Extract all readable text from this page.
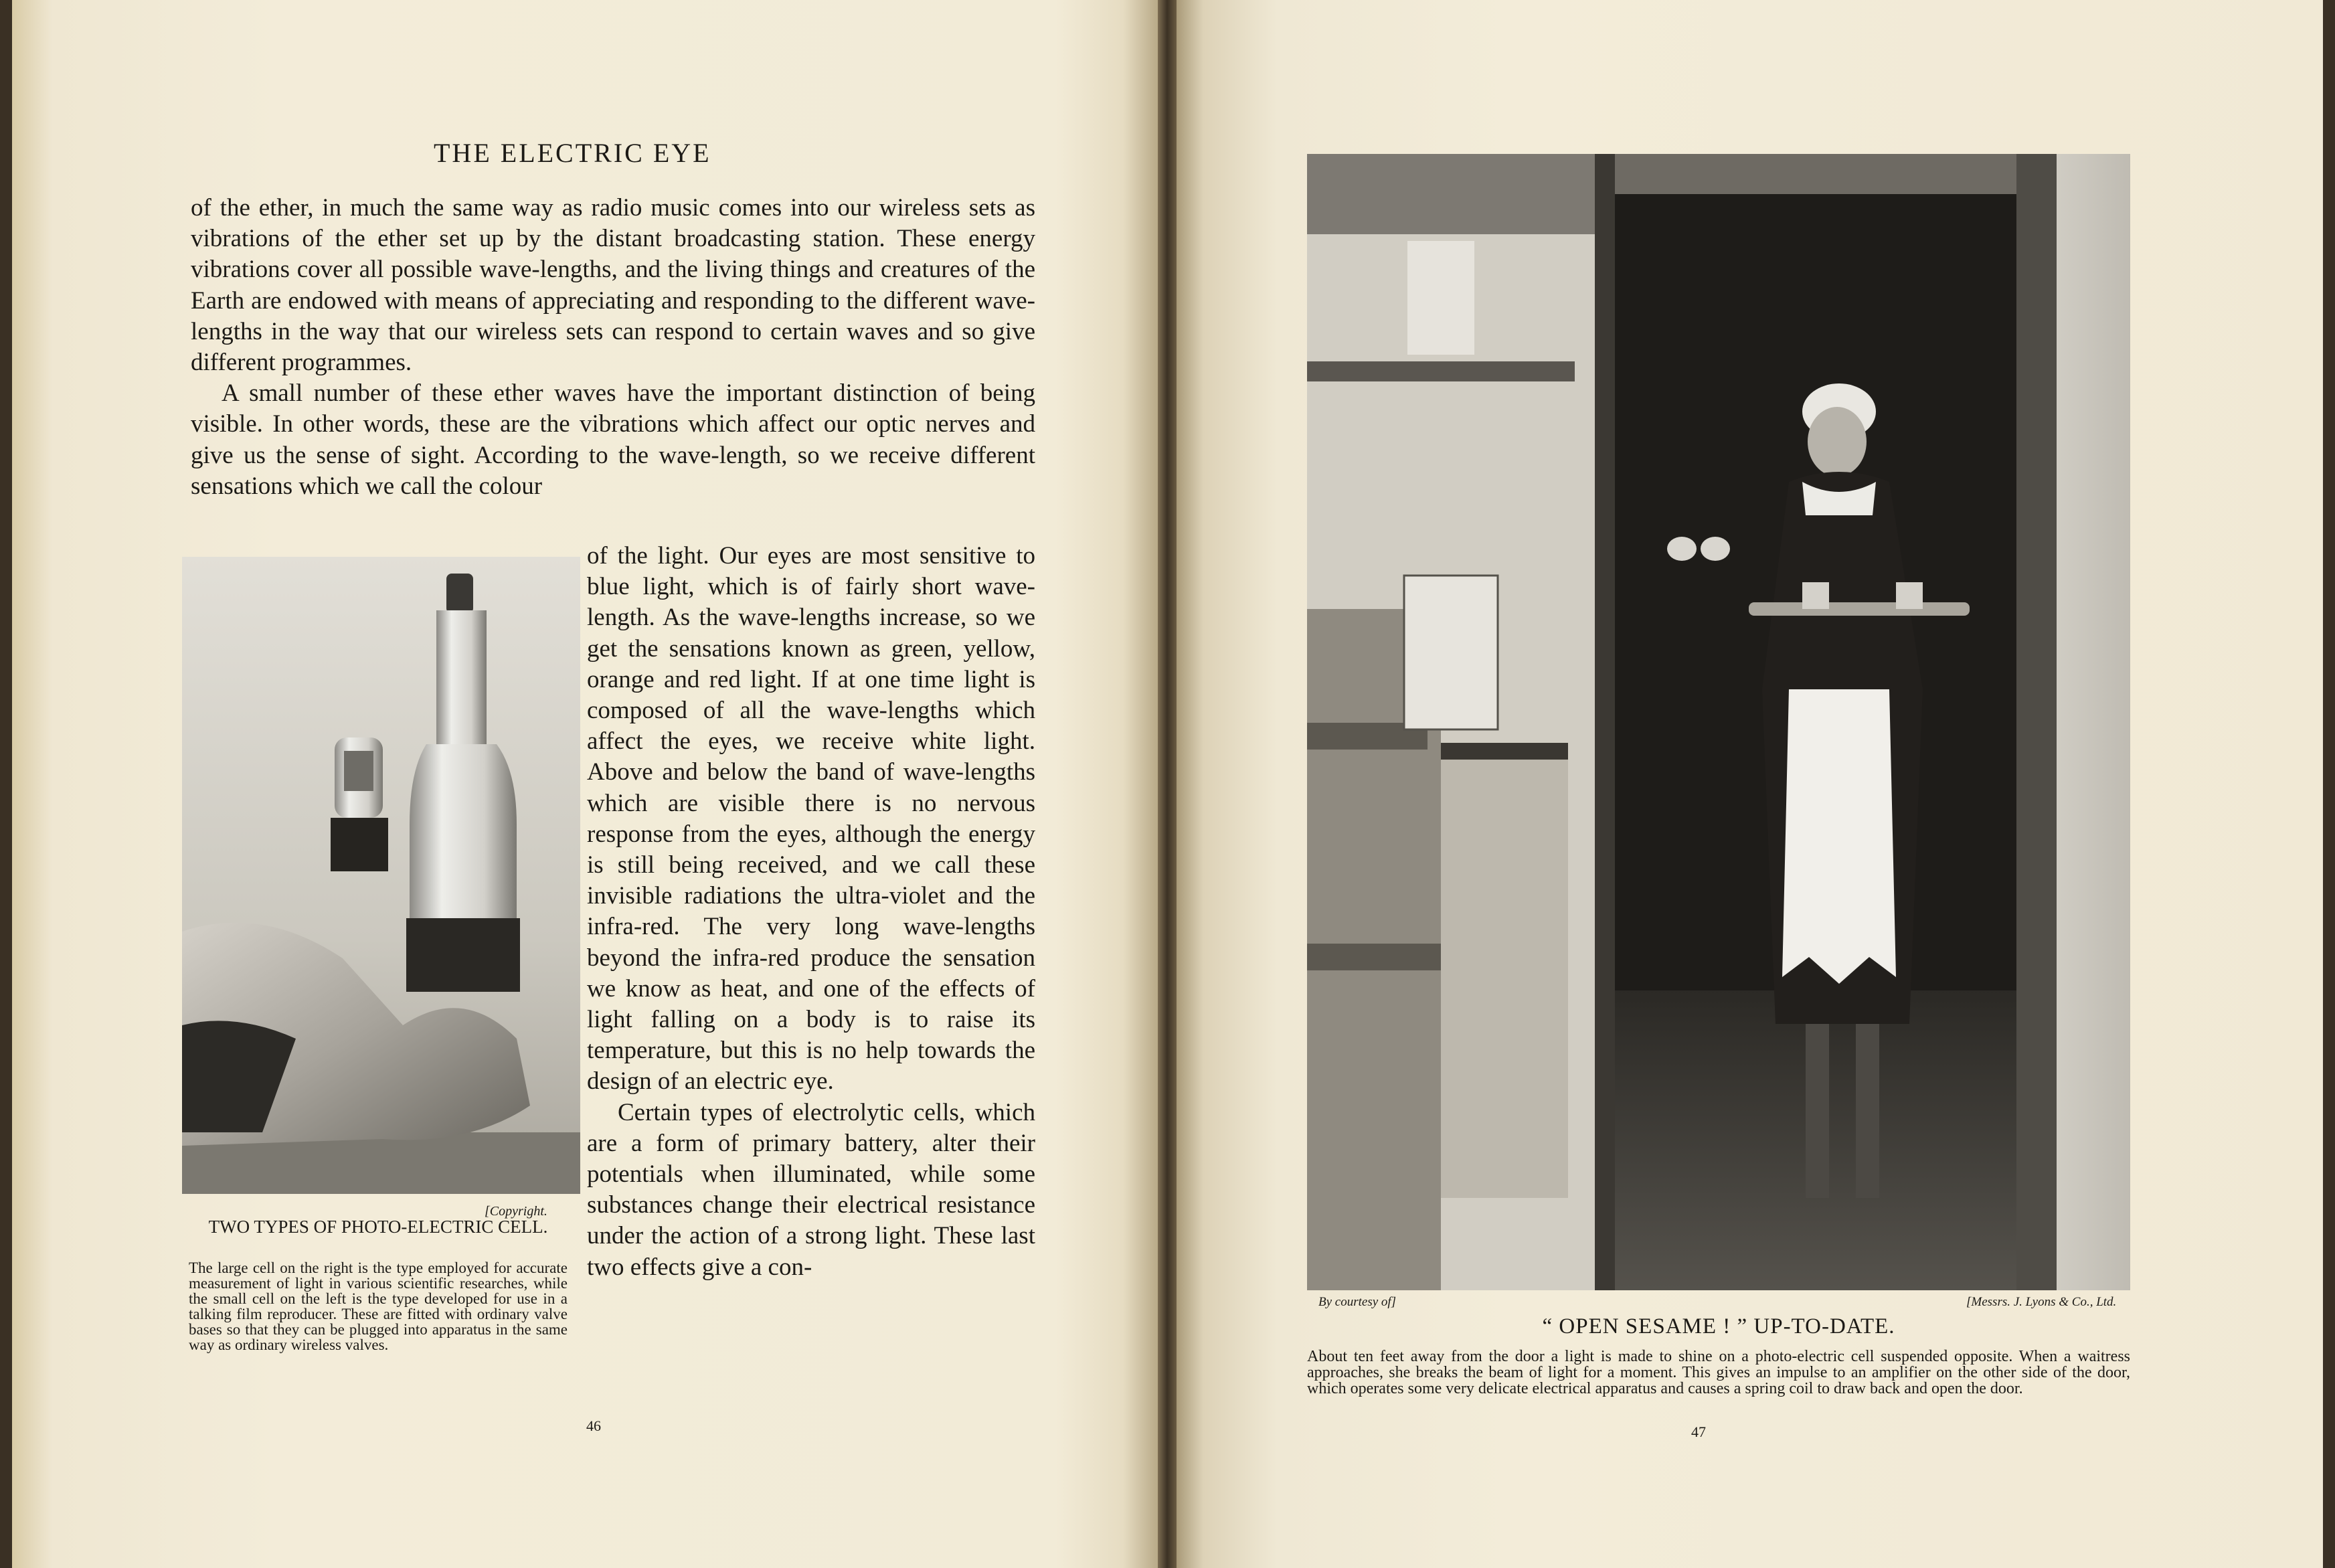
THE ELECTRIC EYE

of the ether, in much the same way as radio music comes into our wireless sets as vibrations of the ether set up by the distant broadcasting station. These energy vibrations cover all possible wave-lengths, and the living things and creatures of the Earth are endowed with means of appreciating and responding to the different wave-lengths in the way that our wireless sets can respond to certain waves and so give different programmes.

A small number of these ether waves have the important distinction of being visible. In other words, these are the vibrations which affect our optic nerves and give us the sense of sight. According to the wave-length, so we receive different sensations which we call the colour

[Copyright.
TWO TYPES OF PHOTO-ELECTRIC CELL.
The large cell on the right is the type employed for accurate measurement of light in various scientific researches, while the small cell on the left is the type developed for use in a talking film reproducer. These are fitted with ordinary valve bases so that they can be plugged into apparatus in the same way as ordinary wireless valves.

of the light. Our eyes are most sensitive to blue light, which is of fairly short wave-length. As the wave-lengths increase, so we get the sensations known as green, yellow, orange and red light. If at one time light is composed of all the wave-lengths which affect the eyes, we receive white light. Above and below the band of wave-lengths which are visible there is no nervous response from the eyes, although the energy is still being received, and we call these invisible radiations the ultra-violet and the infra-red. The very long wave-lengths beyond the infra-red produce the sensation we know as heat, and one of the effects of light falling on a body is to raise its temperature, but this is no help towards the design of an electric eye.

Certain types of electrolytic cells, which are a form of primary battery, alter their potentials when illuminated, while some substances change their electrical resistance under the action of a strong light. These last two effects give a con-

46
By courtesy of]	[Messrs. J. Lyons & Co., Ltd.
“ OPEN SESAME ! ” UP-TO-DATE.
About ten feet away from the door a light is made to shine on a photo-electric cell suspended opposite. When a waitress approaches, she breaks the beam of light for a moment. This gives an impulse to an amplifier on the other side of the door, which operates some very delicate electrical apparatus and causes a spring coil to draw back and open the door.
47
